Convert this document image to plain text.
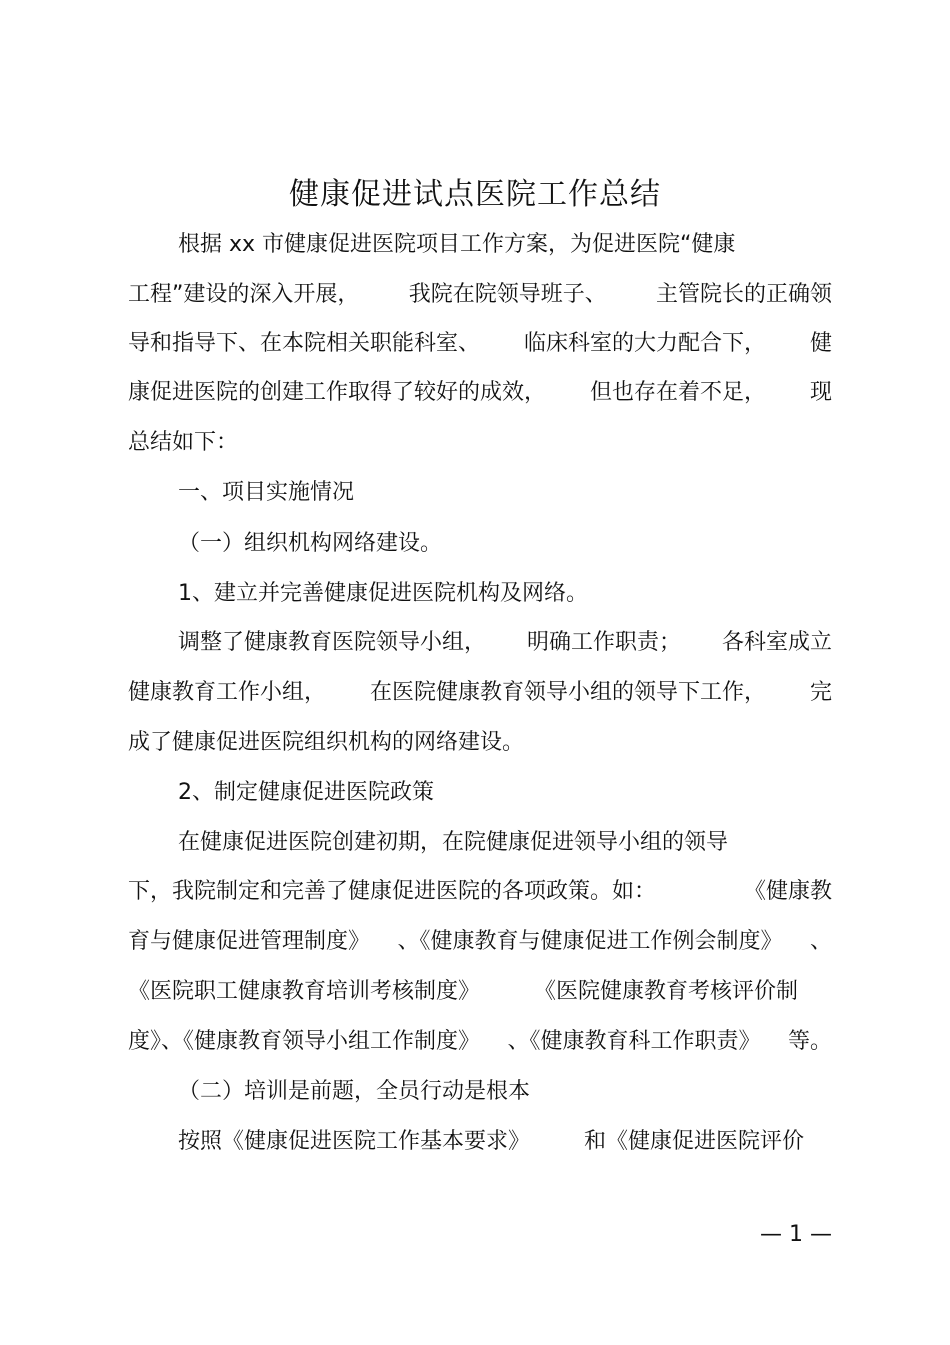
健康促进试点医院工作总结
根据 xx 市健康促进医院项目工作方案，为促进医院“健康
工程”建设的深入开展， 我院在院领导班子、 主管院长的正确领
导和指导下、在本院相关职能科室、 临床科室的大力配合下， 健
康促进医院的创建工作取得了较好的成效， 但也存在着不足， 现
总结如下：
一、项目实施情况
（一）组织机构网络建设。
1、建立并完善健康促进医院机构及网络。
调整了健康教育医院领导小组， 明确工作职责； 各科室成立
健康教育工作小组， 在医院健康教育领导小组的领导下工作， 完
成了健康促进医院组织机构的网络建设。
2、制定健康促进医院政策
在健康促进医院创建初期，在院健康促进领导小组的领导
下，我院制定和完善了健康促进医院的各项政策。如：	《健康教
育与健康促进管理制度》 、《健康教育与健康促进工作例会制度》 、
《医院职工健康教育培训考核制度》 《医院健康教育考核评价制
度》、《健康教育领导小组工作制度》 、《健康教育科工作职责》 等。
（二）培训是前题，全员行动是根本
按照《健康促进医院工作基本要求》 和《健康促进医院评价
— 1 —
